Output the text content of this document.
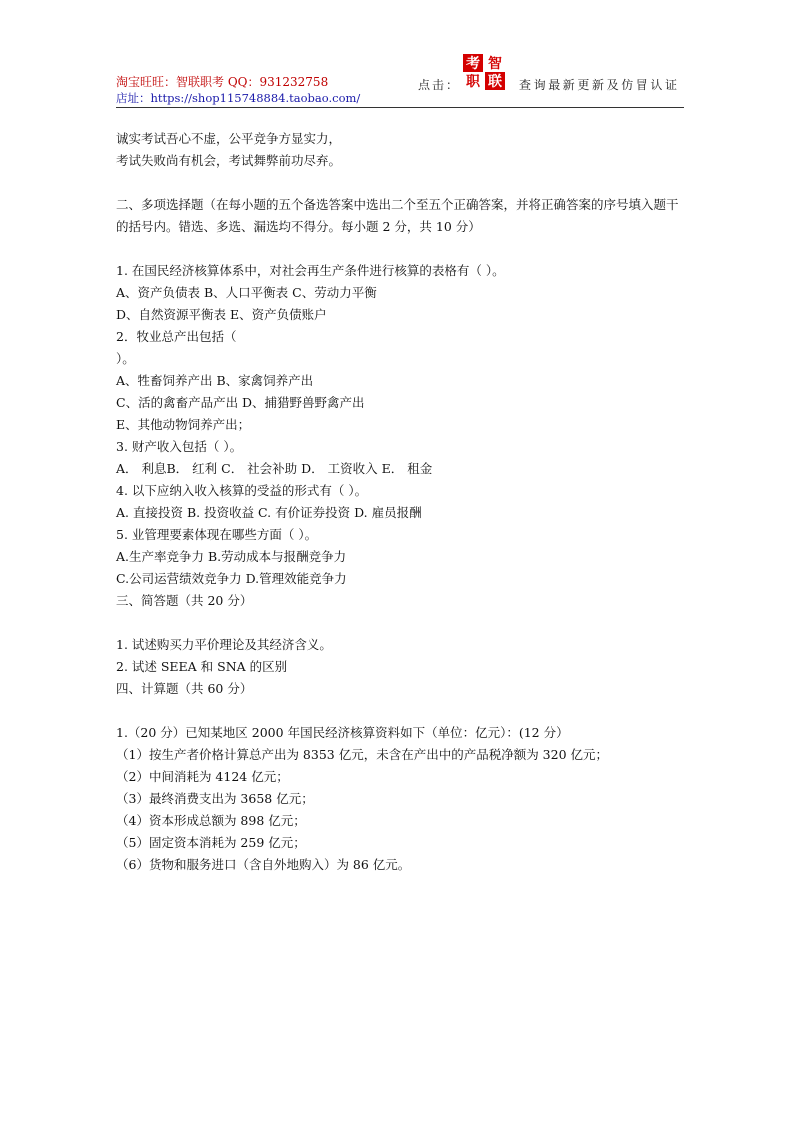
淘宝旺旺：智联职考 QQ：931232758
店址：https://shop115748884.taobao.com/
点击：
考 智
职 联 查询最新更新及仿冒认证

诚实考试吾心不虚，公平竞争方显实力，

考试失败尚有机会，考试舞弊前功尽弃。

二、多项选择题（在每小题的五个备选答案中选出二个至五个正确答案，并将正确答案的序号填入题干的括号内。错选、多选、漏选均不得分。每小题 2 分，共 10 分）

1. 在国民经济核算体系中，对社会再生产条件进行核算的表格有（ ）。

A、资产负债表 B、人口平衡表 C、劳动力平衡

D、自然资源平衡表 E、资产负债账户

2．牧业总产出包括（

）。

A、牲畜饲养产出 B、家禽饲养产出

C、活的禽畜产品产出 D、捕猎野兽野禽产出

E、其他动物饲养产出；

3. 财产收入包括（ ）。

A． 利息B． 红利 C． 社会补助 D． 工资收入 E． 租金

4. 以下应纳入收入核算的受益的形式有（ ）。

A. 直接投资 B. 投资收益 C. 有价证券投资 D. 雇员报酬

5. 业管理要素体现在哪些方面（ ）。

A.生产率竞争力 B.劳动成本与报酬竞争力

C.公司运营绩效竞争力 D.管理效能竞争力

三、简答题（共 20 分）

1. 试述购买力平价理论及其经济含义。

2. 试述 SEEA 和 SNA 的区别

四、计算题（共 60 分）

1.（20 分）已知某地区 2000 年国民经济核算资料如下（单位：亿元）：(12 分）

（1）按生产者价格计算总产出为 8353 亿元，未含在产出中的产品税净额为 320 亿元；

（2）中间消耗为 4124 亿元；

（3）最终消费支出为 3658 亿元；

（4）资本形成总额为 898 亿元；

（5）固定资本消耗为 259 亿元；

（6）货物和服务进口（含自外地购入）为 86 亿元。
